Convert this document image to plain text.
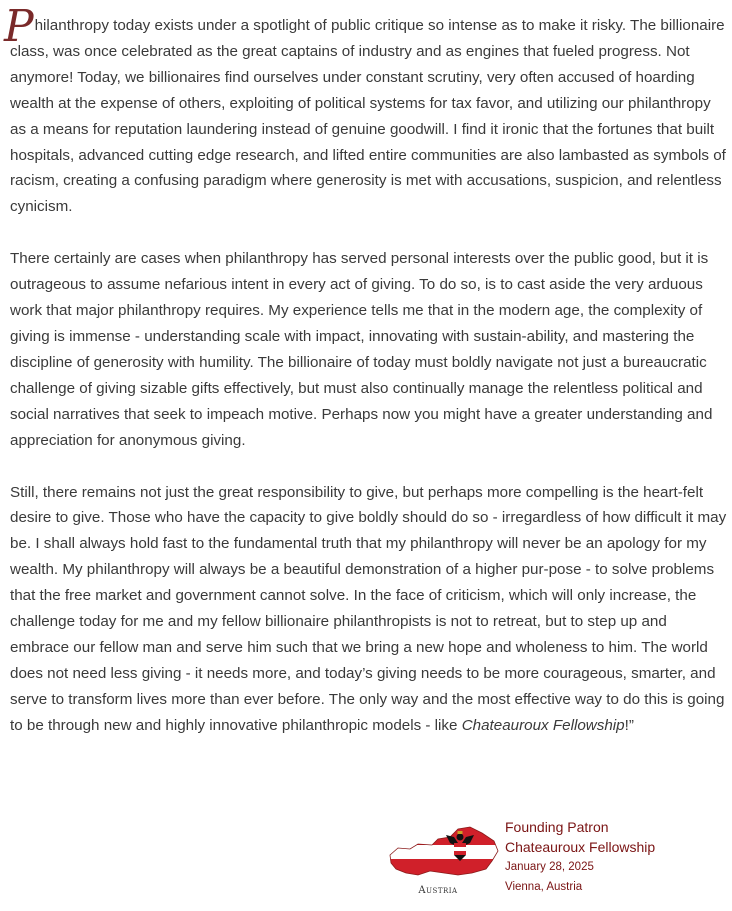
Philanthropy today exists under a spotlight of public critique so intense as to make it risky. The billionaire class, was once celebrated as the great captains of industry and as engines that fueled progress. Not anymore! Today, we billionaires find ourselves under constant scrutiny, very often accused of hoarding wealth at the expense of others, exploiting of political systems for tax favor, and utilizing our philanthropy as a means for reputation laundering instead of genuine goodwill. I find it ironic that the fortunes that built hospitals, advanced cutting edge research, and lifted entire communities are also lambasted as symbols of racism, creating a confusing paradigm where generosity is met with accusations, suspicion, and relentless cynicism.

There certainly are cases when philanthropy has served personal interests over the public good, but it is outrageous to assume nefarious intent in every act of giving. To do so, is to cast aside the very arduous work that major philanthropy requires. My experience tells me that in the modern age, the complexity of giving is immense - understanding scale with impact, innovating with sustain-ability, and mastering the discipline of generosity with humility. The billionaire of today must boldly navigate not just a bureaucratic challenge of giving sizable gifts effectively, but must also continually manage the relentless political and social narratives that seek to impeach motive. Perhaps now you might have a greater understanding and appreciation for anonymous giving.

Still, there remains not just the great responsibility to give, but perhaps more compelling is the heart-felt desire to give. Those who have the capacity to give boldly should do so - irregardless of how difficult it may be. I shall always hold fast to the fundamental truth that my philanthropy will never be an apology for my wealth. My philanthropy will always be a beautiful demonstration of a higher pur-pose - to solve problems that the free market and government cannot solve. In the face of criticism, which will only increase, the challenge today for me and my fellow billionaire philanthropists is not to retreat, but to step up and embrace our fellow man and serve him such that we bring a new hope and wholeness to him. The world does not need less giving - it needs more, and today’s giving needs to be more courageous, smarter, and serve to transform lives more than ever before. The only way and the most effective way to do this is going to be through new and highly innovative philanthropic models - like Chateauroux Fellowship!”

Austria
Founding Patron
Chateauroux Fellowship
January 28, 2025
Vienna, Austria
